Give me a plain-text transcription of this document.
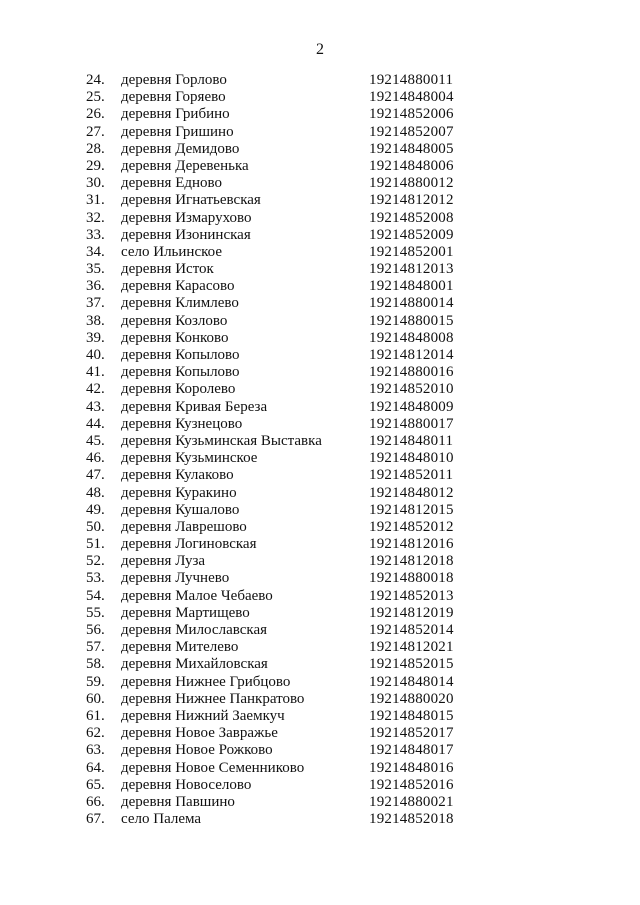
2
24.	деревня Горлово	19214880011
25.	деревня Горяево	19214848004
26.	деревня Грибино	19214852006
27.	деревня Гришино	19214852007
28.	деревня Демидово	19214848005
29.	деревня Деревенька	19214848006
30.	деревня Едново	19214880012
31.	деревня Игнатьевская	19214812012
32.	деревня Измарухово	19214852008
33.	деревня Изонинская	19214852009
34.	село Ильинское	19214852001
35.	деревня Исток	19214812013
36.	деревня Карасово	19214848001
37.	деревня Климлево	19214880014
38.	деревня Козлово	19214880015
39.	деревня Конково	19214848008
40.	деревня Копылово	19214812014
41.	деревня Копылово	19214880016
42.	деревня Королево	19214852010
43.	деревня Кривая Береза	19214848009
44.	деревня Кузнецово	19214880017
45.	деревня Кузьминская Выставка	19214848011
46.	деревня Кузьминское	19214848010
47.	деревня Кулаково	19214852011
48.	деревня Куракино	19214848012
49.	деревня Кушалово	19214812015
50.	деревня Лаврешово	19214852012
51.	деревня Логиновская	19214812016
52.	деревня Луза	19214812018
53.	деревня Лучнево	19214880018
54.	деревня Малое Чебаево	19214852013
55.	деревня Мартищево	19214812019
56.	деревня Милославская	19214852014
57.	деревня Мителево	19214812021
58.	деревня Михайловская	19214852015
59.	деревня Нижнее Грибцово	19214848014
60.	деревня Нижнее Панкратово	19214880020
61.	деревня Нижний Заемкуч	19214848015
62.	деревня Новое Завражье	19214852017
63.	деревня Новое Рожково	19214848017
64.	деревня Новое Семенниково	19214848016
65.	деревня Новоселово	19214852016
66.	деревня Павшино	19214880021
67.	село Палема	19214852018
